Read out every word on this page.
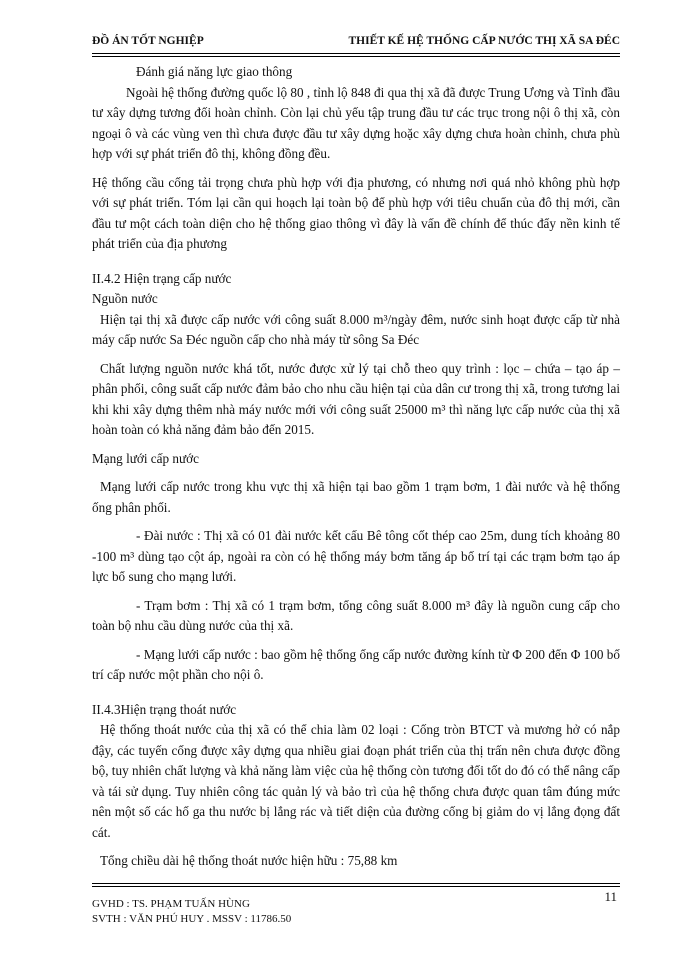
ĐỒ ÁN TỐT NGHIỆP	THIẾT KẾ HỆ THỐNG CẤP NƯỚC THỊ XÃ SA ĐÉC

Đánh giá năng lực giao thông

Ngoài hệ thống đường quốc lộ 80 , tỉnh lộ 848 đi qua thị xã đã được Trung Ương và Tỉnh đầu tư xây dựng tương đối hoàn chỉnh. Còn lại chủ yếu tập trung đầu tư các trục trong nội ô thị xã, còn ngoại ô và các vùng ven thì chưa được đầu tư xây dựng hoặc xây dựng chưa hoàn chỉnh, chưa phù hợp với sự phát triển đô thị, không đồng đều.

Hệ thống cầu cống tải trọng chưa phù hợp với địa phương, có nhưng nơi quá nhỏ không phù hợp với sự phát triển. Tóm lại cần qui hoạch lại toàn bộ để phù hợp với tiêu chuẩn của đô thị mới, cần đầu tư một cách toàn diện cho hệ thống giao thông vì đây là vấn đề chính để thúc đẩy nền kinh tế phát triển của địa phương

II.4.2 Hiện trạng cấp nước

Nguồn nước

Hiện tại thị xã được cấp nước với công suất 8.000 m³/ngày đêm, nước sinh hoạt được cấp từ nhà máy cấp nước Sa Đéc nguồn cấp cho nhà máy từ sông Sa Đéc

Chất lượng nguồn nước khá tốt, nước được xử lý tại chỗ theo quy trình : lọc – chứa – tạo áp – phân phối, công suất cấp nước đảm bảo cho nhu cầu hiện tại của dân cư trong thị xã, trong tương lai khi khi xây dựng thêm nhà máy nước mới với công suất 25000 m³ thì năng lực cấp nước của thị xã hoàn toàn có khả năng đảm bảo đến 2015.

Mạng lưới cấp nước

Mạng lưới cấp nước trong khu vực thị xã hiện tại bao gồm 1 trạm bơm, 1 đài nước và hệ thống ống phân phối.

- Đài nước : Thị xã có 01 đài nước kết cấu Bê tông cốt thép cao 25m, dung tích khoảng 80 -100 m³ dùng tạo cột áp, ngoài ra còn có hệ thống máy bơm tăng áp bố trí tại các trạm bơm tạo áp lực bổ sung cho mạng lưới.

- Trạm bơm : Thị xã có 1 trạm bơm, tổng công suất 8.000 m³ đây là nguồn cung cấp cho toàn bộ nhu cầu dùng nước của thị xã.

- Mạng lưới cấp nước : bao gồm hệ thống ống cấp nước đường kính từ Φ 200 đến Φ 100 bố trí cấp nước một phần cho nội ô.

II.4.3Hiện trạng thoát nước

Hệ thống thoát nước của thị xã có thể chia làm 02 loại : Cống tròn BTCT và mương hở có nắp đậy, các tuyến cống được xây dựng qua nhiều giai đoạn phát triển của thị trấn nên chưa được đồng bộ, tuy nhiên chất lượng và khả năng làm việc của hệ thống còn tương đối tốt do đó có thể nâng cấp và tái sử dụng. Tuy nhiên công tác quản lý và bảo trì của hệ thống chưa được quan tâm đúng mức nên một số các hố ga thu nước bị lắng rác và tiết diện của đường cống bị giảm do vị lắng đọng đất cát.

Tổng chiều dài hệ thống thoát nước hiện hữu : 75,88 km

11
GVHD : TS. PHẠM TUẤN HÙNG
SVTH : VĂN PHÚ HUY . MSSV : 11786.50
